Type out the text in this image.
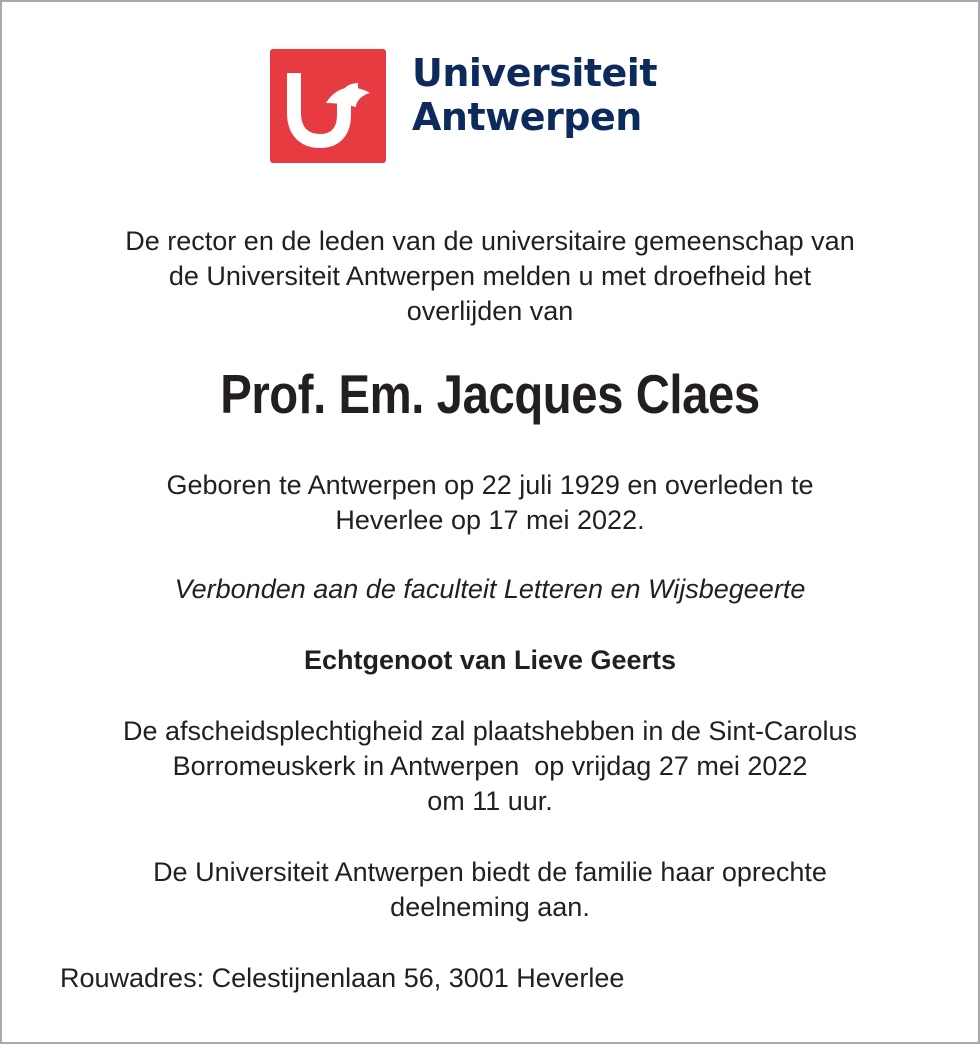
Universiteit
Antwerpen

De rector en de leden van de universitaire gemeenschap van
de Universiteit Antwerpen melden u met droefheid het
overlijden van

Prof. Em. Jacques Claes

Geboren te Antwerpen op 22 juli 1929 en overleden te
Heverlee op 17 mei 2022.

Verbonden aan de faculteit Letteren en Wijsbegeerte

Echtgenoot van Lieve Geerts

De afscheidsplechtigheid zal plaatshebben in de Sint-Carolus
Borromeuskerk in Antwerpen  op vrijdag 27 mei 2022
om 11 uur.

De Universiteit Antwerpen biedt de familie haar oprechte
deelneming aan.

Rouwadres: Celestijnenlaan 56, 3001 Heverlee
